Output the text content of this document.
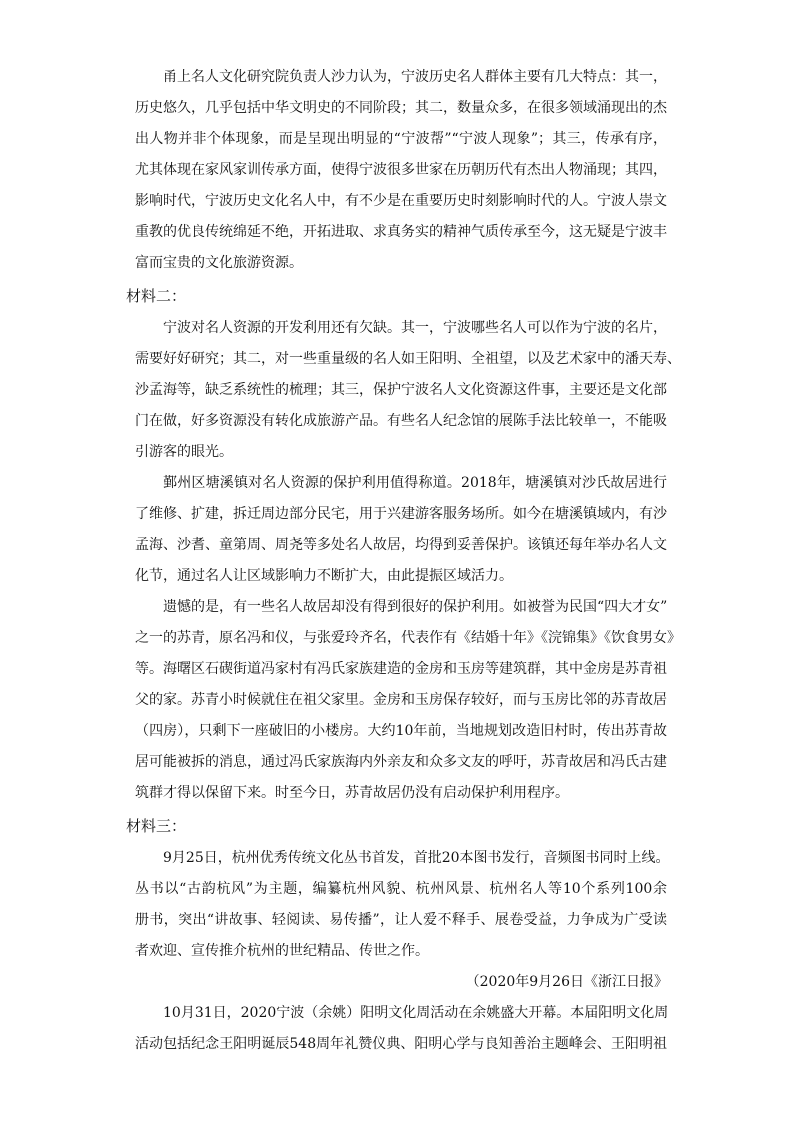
甬上名人文化研究院负责人沙力认为，宁波历史名人群体主要有几大特点：其一，
历史悠久，几乎包括中华文明史的不同阶段；其二，数量众多，在很多领域涌现出的杰
出人物并非个体现象，而是呈现出明显的“宁波帮”“宁波人现象”；其三，传承有序，
尤其体现在家风家训传承方面，使得宁波很多世家在历朝历代有杰出人物涌现；其四，
影响时代，宁波历史文化名人中，有不少是在重要历史时刻影响时代的人。宁波人崇文
重教的优良传统绵延不绝，开拓进取、求真务实的精神气质传承至今，这无疑是宁波丰
富而宝贵的文化旅游资源。
材料二：
宁波对名人资源的开发利用还有欠缺。其一，宁波哪些名人可以作为宁波的名片，
需要好好研究；其二，对一些重量级的名人如王阳明、全祖望，以及艺术家中的潘天寿、
沙孟海等，缺乏系统性的梳理；其三，保护宁波名人文化资源这件事，主要还是文化部
门在做，好多资源没有转化成旅游产品。有些名人纪念馆的展陈手法比较单一，不能吸
引游客的眼光。
鄞州区塘溪镇对名人资源的保护利用值得称道。2018年，塘溪镇对沙氏故居进行
了维修、扩建，拆迁周边部分民宅，用于兴建游客服务场所。如今在塘溪镇域内，有沙
孟海、沙耆、童第周、周尧等多处名人故居，均得到妥善保护。该镇还每年举办名人文
化节，通过名人让区域影响力不断扩大，由此提振区域活力。
遗憾的是，有一些名人故居却没有得到很好的保护利用。如被誉为民国“四大才女”
之一的苏青，原名冯和仪，与张爱玲齐名，代表作有《结婚十年》《浣锦集》《饮食男女》
等。海曙区石碶街道冯家村有冯氏家族建造的金房和玉房等建筑群，其中金房是苏青祖
父的家。苏青小时候就住在祖父家里。金房和玉房保存较好，而与玉房比邻的苏青故居
（四房），只剩下一座破旧的小楼房。大约10年前，当地规划改造旧村时，传出苏青故
居可能被拆的消息，通过冯氏家族海内外亲友和众多文友的呼吁，苏青故居和冯氏古建
筑群才得以保留下来。时至今日，苏青故居仍没有启动保护利用程序。
材料三：
9月25日，杭州优秀传统文化丛书首发，首批20本图书发行，音频图书同时上线。
丛书以“古韵杭风”为主题，编纂杭州风貌、杭州风景、杭州名人等10个系列100余
册书，突出“讲故事、轻阅读、易传播”，让人爱不释手、展卷受益，力争成为广受读
者欢迎、宣传推介杭州的世纪精品、传世之作。
（2020年9月26日《浙江日报》
10月31日，2020宁波（余姚）阳明文化周活动在余姚盛大开幕。本届阳明文化周
活动包括纪念王阳明诞辰548周年礼赞仪典、阳明心学与良知善治主题峰会、王阳明祖
